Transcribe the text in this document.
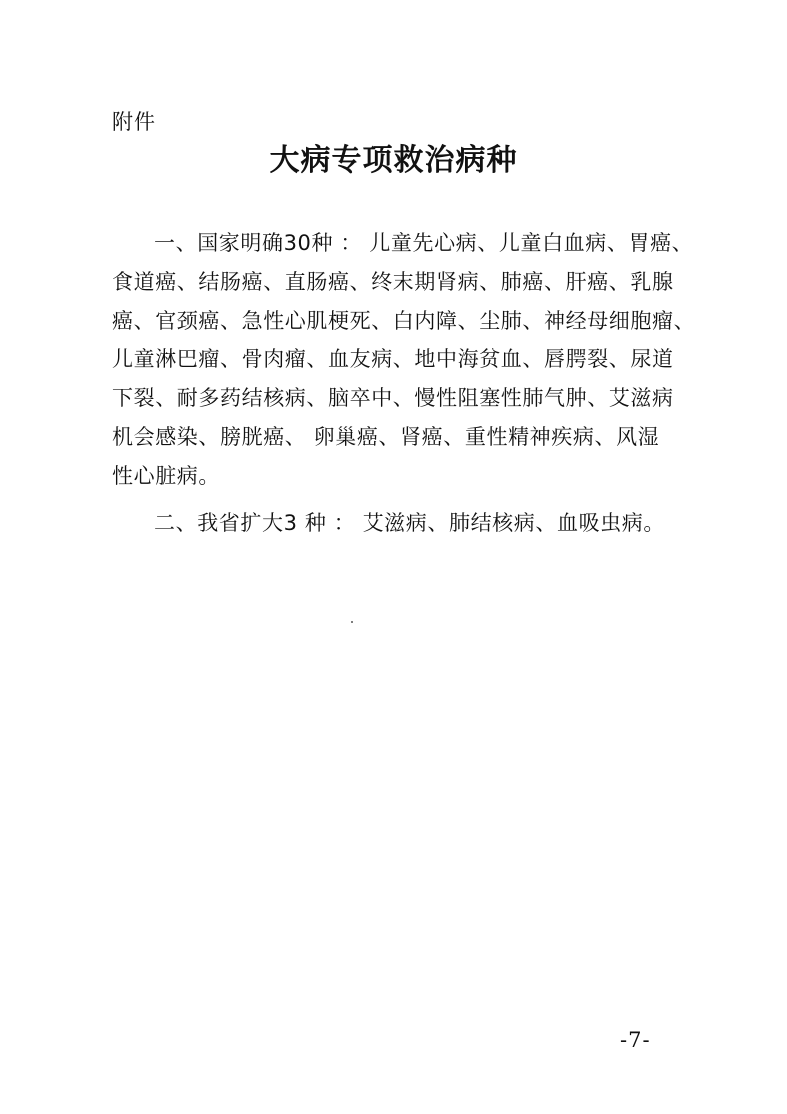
附件
大病专项救治病种
一、国家明确30种 ： 儿童先心病、儿童白血病、胃癌、
食道癌、结肠癌、直肠癌、终末期肾病、肺癌、肝癌、乳腺
癌、官颈癌、急性心肌梗死、白内障、尘肺、神经母细胞瘤、
儿童淋巴瘤、骨肉瘤、血友病、地中海贫血、唇腭裂、尿道
下裂、耐多药结核病、脑卒中、慢性阻塞性肺气肿、艾滋病
机会感染、膀胱癌、 卵巢癌、肾癌、重性精神疾病、风湿
性心脏病。
二、我省扩大3 种 ： 艾滋病、肺结核病、血吸虫病。
-7-
